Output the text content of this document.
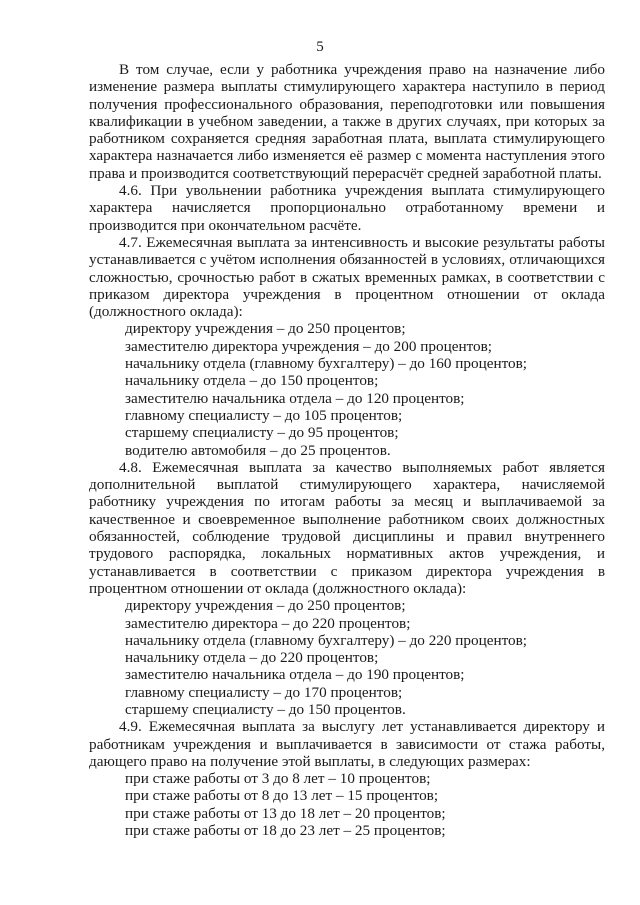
5

В том случае, если у работника учреждения право на назначение либо изменение размера выплаты стимулирующего характера наступило в период получения профессионального образования, переподготовки или повышения квалификации в учебном заведении, а также в других случаях, при которых за работником сохраняется средняя заработная плата, выплата стимулирующего характера назначается либо изменяется её размер с момента наступления этого права и производится соответствующий перерасчёт средней заработной платы.

4.6. При увольнении работника учреждения выплата стимулирующего характера начисляется пропорционально отработанному времени и производится при окончательном расчёте.

4.7. Ежемесячная выплата за интенсивность и высокие результаты работы устанавливается с учётом исполнения обязанностей в условиях, отличающихся сложностью, срочностью работ в сжатых временных рамках, в соответствии с приказом директора учреждения в процентном отношении от оклада (должностного оклада):

директору учреждения – до 250 процентов;

заместителю директора учреждения – до 200 процентов;

начальнику отдела (главному бухгалтеру) – до 160 процентов;

начальнику отдела – до 150 процентов;

заместителю начальника отдела – до 120 процентов;

главному специалисту – до 105 процентов;

старшему специалисту – до 95 процентов;

водителю автомобиля – до 25 процентов.

4.8. Ежемесячная выплата за качество выполняемых работ является дополнительной выплатой стимулирующего характера, начисляемой работнику учреждения по итогам работы за месяц и выплачиваемой за качественное и своевременное выполнение работником своих должностных обязанностей, соблюдение трудовой дисциплины и правил внутреннего трудового распорядка, локальных нормативных актов учреждения, и устанавливается в соответствии с приказом директора учреждения в процентном отношении от оклада (должностного оклада):

директору учреждения – до 250 процентов;

заместителю директора – до 220 процентов;

начальнику отдела (главному бухгалтеру) – до 220 процентов;

начальнику отдела – до 220 процентов;

заместителю начальника отдела – до 190 процентов;

главному специалисту – до 170 процентов;

старшему специалисту – до 150 процентов.

4.9. Ежемесячная выплата за выслугу лет устанавливается директору и работникам учреждения и выплачивается в зависимости от стажа работы, дающего право на получение этой выплаты, в следующих размерах:

при стаже работы от 3 до 8 лет – 10 процентов;

при стаже работы от 8 до 13 лет – 15 процентов;

при стаже работы от 13 до 18 лет – 20 процентов;

при стаже работы от 18 до 23 лет – 25 процентов;
